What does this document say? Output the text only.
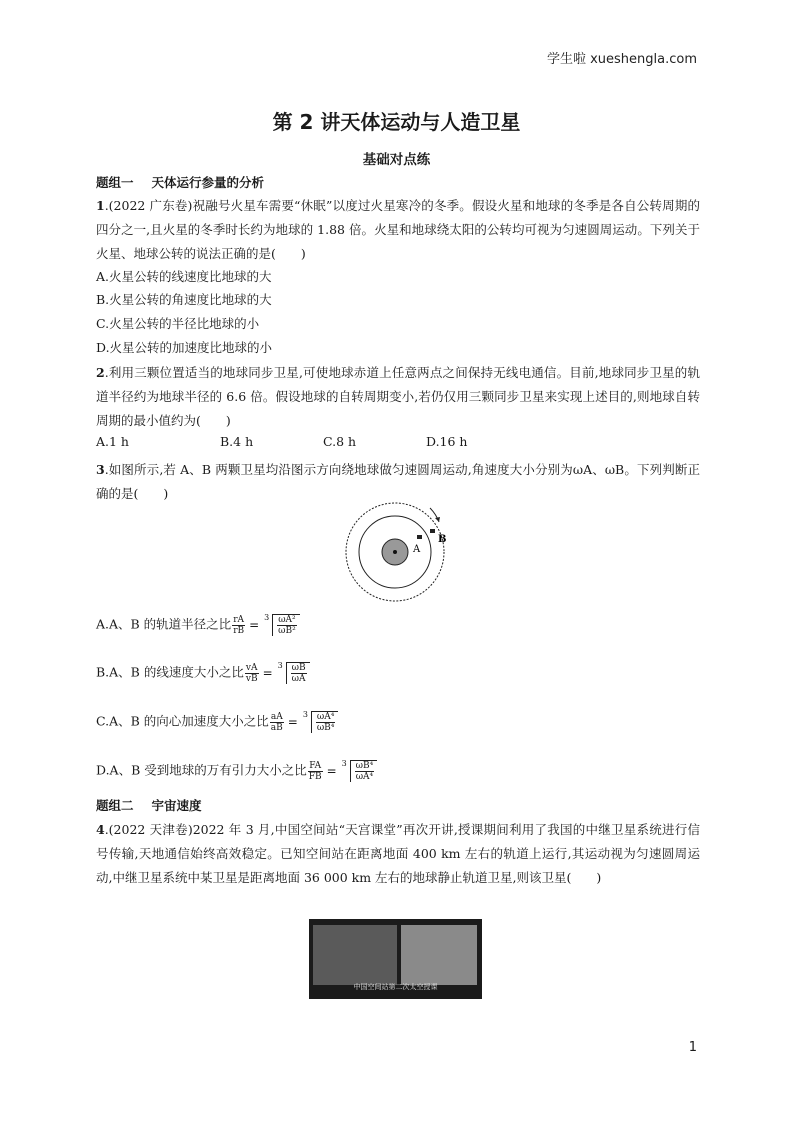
学生啦 xueshengla.com
第 2 讲天体运动与人造卫星
基础对点练
题组一 天体运行参量的分析
1.(2022 广东卷)祝融号火星车需要“休眠”以度过火星寒冷的冬季。假设火星和地球的冬季是各自公转周期的四分之一,且火星的冬季时长约为地球的 1.88 倍。火星和地球绕太阳的公转均可视为匀速圆周运动。下列关于火星、地球公转的说法正确的是(　　)
A.火星公转的线速度比地球的大
B.火星公转的角速度比地球的大
C.火星公转的半径比地球的小
D.火星公转的加速度比地球的小
2.利用三颗位置适当的地球同步卫星,可使地球赤道上任意两点之间保持无线电通信。目前,地球同步卫星的轨道半径约为地球半径的 6.6 倍。假设地球的自转周期变小,若仍仅用三颗同步卫星来实现上述目的,则地球自转周期的最小值约为(　　)
A.1 h	B.4 h	C.8 h	D.16 h
3.如图所示,若 A、B 两颗卫星均沿图示方向绕地球做匀速圆周运动,角速度大小分别为ωA、ωB。下列判断正确的是(　　)
A
B
A.A、B 的轨道半径之比 $\frac{rA}{rB}$ =
$3 \frac{\text{ωA²}}{\text{ωB²}}$
B.A、B 的线速度大小之比 $\frac{vA}{vB}$ =
$3 \frac{\omega B}{\omega A}$
C.A、B 的向心加速度大小之比 $\frac{aA}{aB}$ =
$3 \frac{\text{ωA⁴}}{\text{ωB⁴}}$
D.A、B 受到地球的万有引力大小之比 $\frac{FA}{FB}$ =
$3 \frac{\text{ωB⁴}}{\text{ωA⁴}}$
题组二 宇宙速度
4.(2022 天津卷)2022 年 3 月,中国空间站“天宫课堂”再次开讲,授课期间利用了我国的中继卫星系统进行信号传输,天地通信始终高效稳定。已知空间站在距离地面 400 km 左右的轨道上运行,其运动视为匀速圆周运动,中继卫星系统中某卫星是距离地面 36 000 km 左右的地球静止轨道卫星,则该卫星(　　)
中国空间站第二次太空授课
1
